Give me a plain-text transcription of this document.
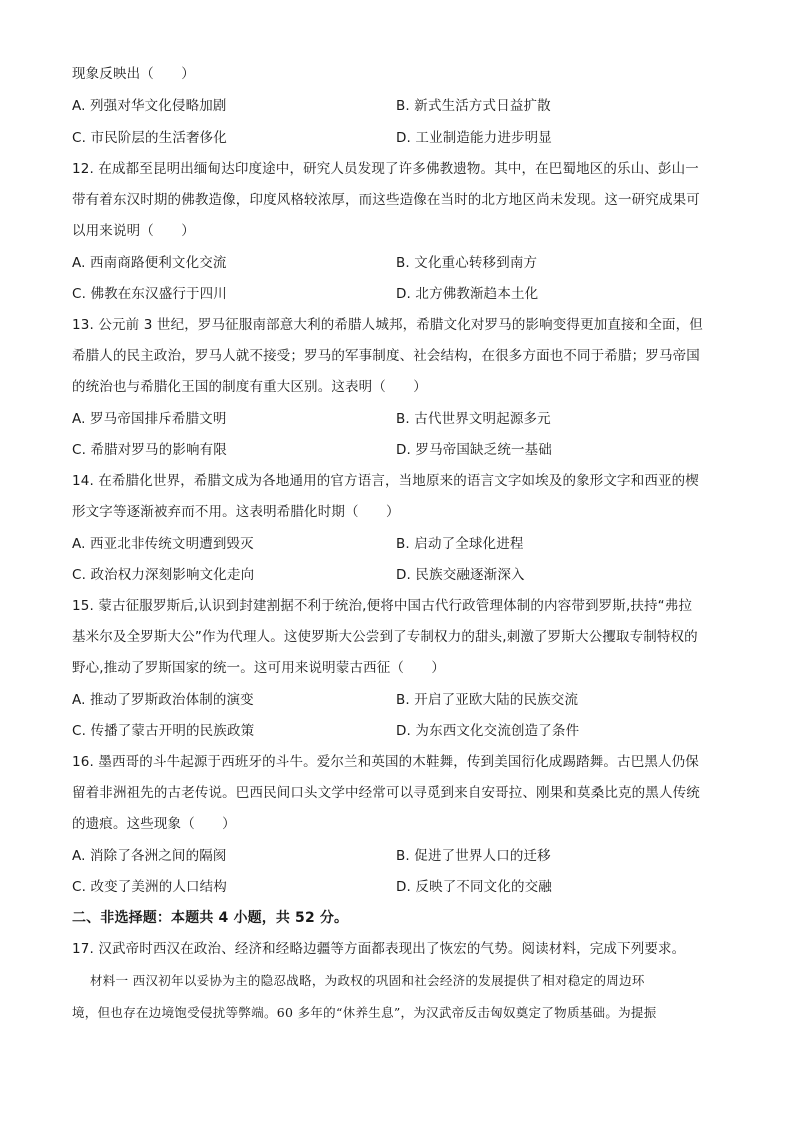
现象反映出（　　）
A. 列强对华文化侵略加剧	B. 新式生活方式日益扩散
C. 市民阶层的生活奢侈化	D. 工业制造能力进步明显
12. 在成都至昆明出缅甸达印度途中，研究人员发现了许多佛教遗物。其中，在巴蜀地区的乐山、彭山一
带有着东汉时期的佛教造像，印度风格较浓厚，而这些造像在当时的北方地区尚未发现。这一研究成果可
以用来说明（　　）
A. 西南商路便利文化交流	B. 文化重心转移到南方
C. 佛教在东汉盛行于四川	D. 北方佛教渐趋本土化
13. 公元前 3 世纪，罗马征服南部意大利的希腊人城邦，希腊文化对罗马的影响变得更加直接和全面，但
希腊人的民主政治，罗马人就不接受；罗马的军事制度、社会结构，在很多方面也不同于希腊；罗马帝国
的统治也与希腊化王国的制度有重大区别。这表明（　　）
A. 罗马帝国排斥希腊文明	B. 古代世界文明起源多元
C. 希腊对罗马的影响有限	D. 罗马帝国缺乏统一基础
14. 在希腊化世界，希腊文成为各地通用的官方语言，当地原来的语言文字如埃及的象形文字和西亚的楔
形文字等逐渐被弃而不用。这表明希腊化时期（　　）
A. 西亚北非传统文明遭到毁灭	B. 启动了全球化进程
C. 政治权力深刻影响文化走向	D. 民族交融逐渐深入
15. 蒙古征服罗斯后,认识到封建割据不利于统治,便将中国古代行政管理体制的内容带到罗斯,扶持“弗拉
基米尔及全罗斯大公”作为代理人。这使罗斯大公尝到了专制权力的甜头,刺激了罗斯大公攫取专制特权的
野心,推动了罗斯国家的统一。这可用来说明蒙古西征（　　）
A. 推动了罗斯政治体制的演变	B. 开启了亚欧大陆的民族交流
C. 传播了蒙古开明的民族政策	D. 为东西文化交流创造了条件
16. 墨西哥的斗牛起源于西班牙的斗牛。爱尔兰和英国的木鞋舞，传到美国衍化成踢踏舞。古巴黑人仍保
留着非洲祖先的古老传说。巴西民间口头文学中经常可以寻觅到来自安哥拉、刚果和莫桑比克的黑人传统
的遗痕。这些现象（　　）
A. 消除了各洲之间的隔阂	B. 促进了世界人口的迁移
C. 改变了美洲的人口结构	D. 反映了不同文化的交融
二、非选择题：本题共 4 小题，共 52 分。
17. 汉武帝时西汉在政治、经济和经略边疆等方面都表现出了恢宏的气势。阅读材料，完成下列要求。
材料一 西汉初年以妥协为主的隐忍战略，为政权的巩固和社会经济的发展提供了相对稳定的周边环
境，但也存在边境饱受侵扰等弊端。60 多年的“休养生息”，为汉武帝反击匈奴奠定了物质基础。为提振
